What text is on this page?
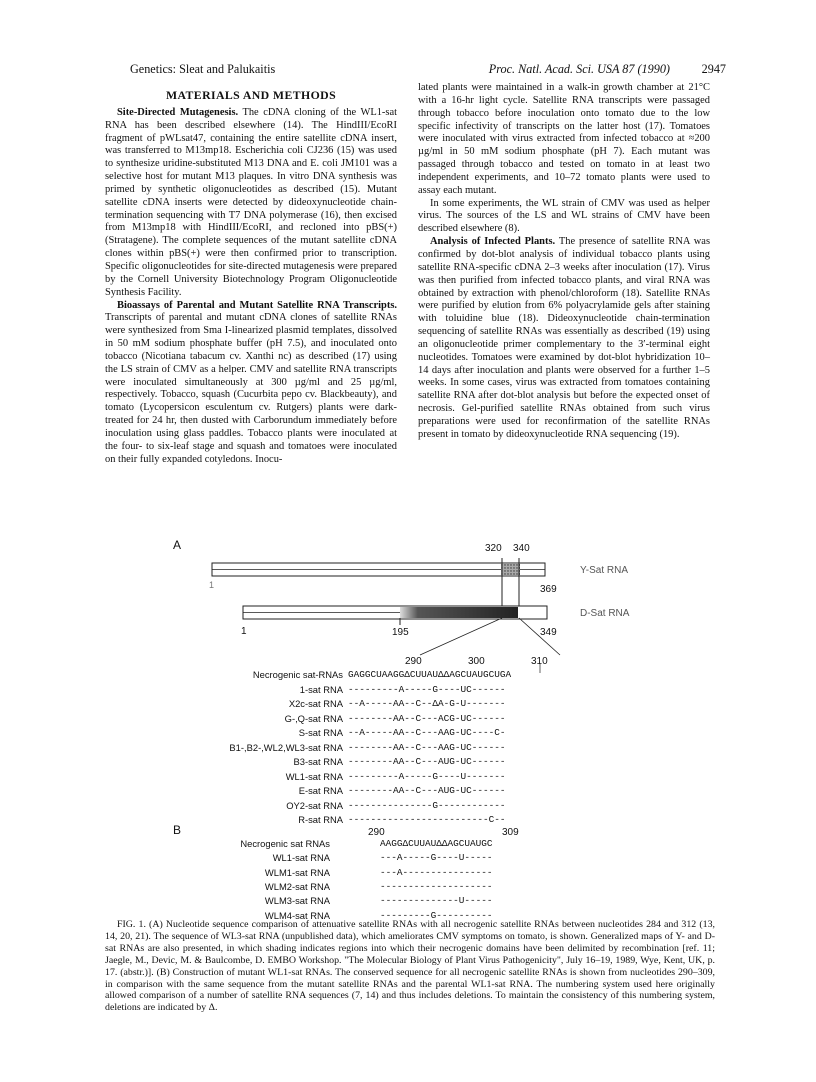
Genetics: Sleat and Palukaitis	Proc. Natl. Acad. Sci. USA 87 (1990)	2947
MATERIALS AND METHODS

Site-Directed Mutagenesis. The cDNA cloning of the WL1-sat RNA has been described elsewhere (14). The HindIII/EcoRI fragment of pWLsat47, containing the entire satellite cDNA insert, was transferred to M13mp18. Escherichia coli CJ236 (15) was used to synthesize uridine-substituted M13 DNA and E. coli JM101 was a selective host for mutant M13 plaques. In vitro DNA synthesis was primed by synthetic oligonucleotides as described (15). Mutant satellite cDNA inserts were detected by dideoxynucleotide chain-termination sequencing with T7 DNA polymerase (16), then excised from M13mp18 with HindIII/EcoRI, and recloned into pBS(+) (Stratagene). The complete sequences of the mutant satellite cDNA clones within pBS(+) were then confirmed prior to transcription. Specific oligonucleotides for site-directed mutagenesis were prepared by the Cornell University Biotechnology Program Oligonucleotide Synthesis Facility.

Bioassays of Parental and Mutant Satellite RNA Transcripts. Transcripts of parental and mutant cDNA clones of satellite RNAs were synthesized from Sma I-linearized plasmid templates, dissolved in 50 mM sodium phosphate buffer (pH 7.5), and inoculated onto tobacco (Nicotiana tabacum cv. Xanthi nc) as described (17) using the LS strain of CMV as a helper. CMV and satellite RNA transcripts were inoculated simultaneously at 300 µg/ml and 25 µg/ml, respectively. Tobacco, squash (Cucurbita pepo cv. Blackbeauty), and tomato (Lycopersicon esculentum cv. Rutgers) plants were dark-treated for 24 hr, then dusted with Carborundum immediately before inoculation using glass paddles. Tobacco plants were inoculated at the four- to six-leaf stage and squash and tomatoes were inoculated on their fully expanded cotyledons. Inocu-

lated plants were maintained in a walk-in growth chamber at 21°C with a 16-hr light cycle. Satellite RNA transcripts were passaged through tobacco before inoculation onto tomato due to the low specific infectivity of transcripts on the latter host (17). Tomatoes were inoculated with virus extracted from infected tobacco at ≈200 µg/ml in 50 mM sodium phosphate (pH 7). Each mutant was passaged through tobacco and tested on tomato in at least two independent experiments, and 10–72 tomato plants were used to assay each mutant.

In some experiments, the WL strain of CMV was used as helper virus. The sources of the LS and WL strains of CMV have been described elsewhere (8).

Analysis of Infected Plants. The presence of satellite RNA was confirmed by dot-blot analysis of individual tobacco plants using satellite RNA-specific cDNA 2–3 weeks after inoculation (17). Virus was then purified from infected tobacco plants, and viral RNA was obtained by extraction with phenol/chloroform (18). Satellite RNAs were purified by elution from 6% polyacrylamide gels after staining with toluidine blue (18). Dideoxynucleotide chain-termination sequencing of satellite RNAs was essentially as described (19) using an oligonucleotide primer complementary to the 3′-terminal eight nucleotides. Tomatoes were examined by dot-blot hybridization 10–14 days after inoculation and plants were observed for a further 1–5 weeks. In some cases, virus was extracted from tomatoes containing satellite RNA after dot-blot analysis but before the expected onset of necrosis. Gel-purified satellite RNAs obtained from such virus preparations were used for reconfirmation of the satellite RNAs present in tomato by dideoxynucleotide RNA sequencing (19).

A	320 340
Y-Sat RNA
1	369
D-Sat RNA
1	195	349
290	300	310
Necrogenic sat-RNAs GAGGCUAAGGΔCUUAUΔΔAGCUAUGCUGA
1-sat RNA ---------A-----G----UC------
X2c-sat RNA --A-----AA--C--ΔA-G-U-------
G-,Q-sat RNA --------AA--C---ACG-UC------
S-sat RNA --A-----AA--C---AAG-UC----C-
B1-,B2-,WL2,WL3-sat RNA --------AA--C---AAG-UC------
B3-sat RNA --------AA--C---AUG-UC------
WL1-sat RNA ---------A-----G----U-------
E-sat RNA --------AA--C---AUG-UC------
OY2-sat RNA ---------------G------------
R-sat RNA -------------------------C--
B	290	309
Necrogenic sat RNAs	AAGGΔCUUAUΔΔAGCUAUGC
WL1-sat RNA	---A-----G----U-----
WLM1-sat RNA	---A----------------
WLM2-sat RNA	--------------------
WLM3-sat RNA	--------------U-----
WLM4-sat RNA	---------G----------

FIG. 1. (A) Nucleotide sequence comparison of attenuative satellite RNAs with all necrogenic satellite RNAs between nucleotides 284 and 312 (13, 14, 20, 21). The sequence of WL3-sat RNA (unpublished data), which ameliorates CMV symptoms on tomato, is shown. Generalized maps of Y- and D-sat RNAs are also presented, in which shading indicates regions into which their necrogenic domains have been delimited by recombination [ref. 11; Jaegle, M., Devic, M. & Baulcombe, D. EMBO Workshop. "The Molecular Biology of Plant Virus Pathogenicity", July 16–19, 1989, Wye, Kent, UK, p. 17. (abstr.)]. (B) Construction of mutant WL1-sat RNAs. The conserved sequence for all necrogenic satellite RNAs is shown from nucleotides 290–309, in comparison with the same sequence from the mutant satellite RNAs and the parental WL1-sat RNA. The numbering system used here originally allowed comparison of a number of satellite RNA sequences (7, 14) and thus includes deletions. To maintain the consistency of this numbering system, deletions are indicated by Δ.
